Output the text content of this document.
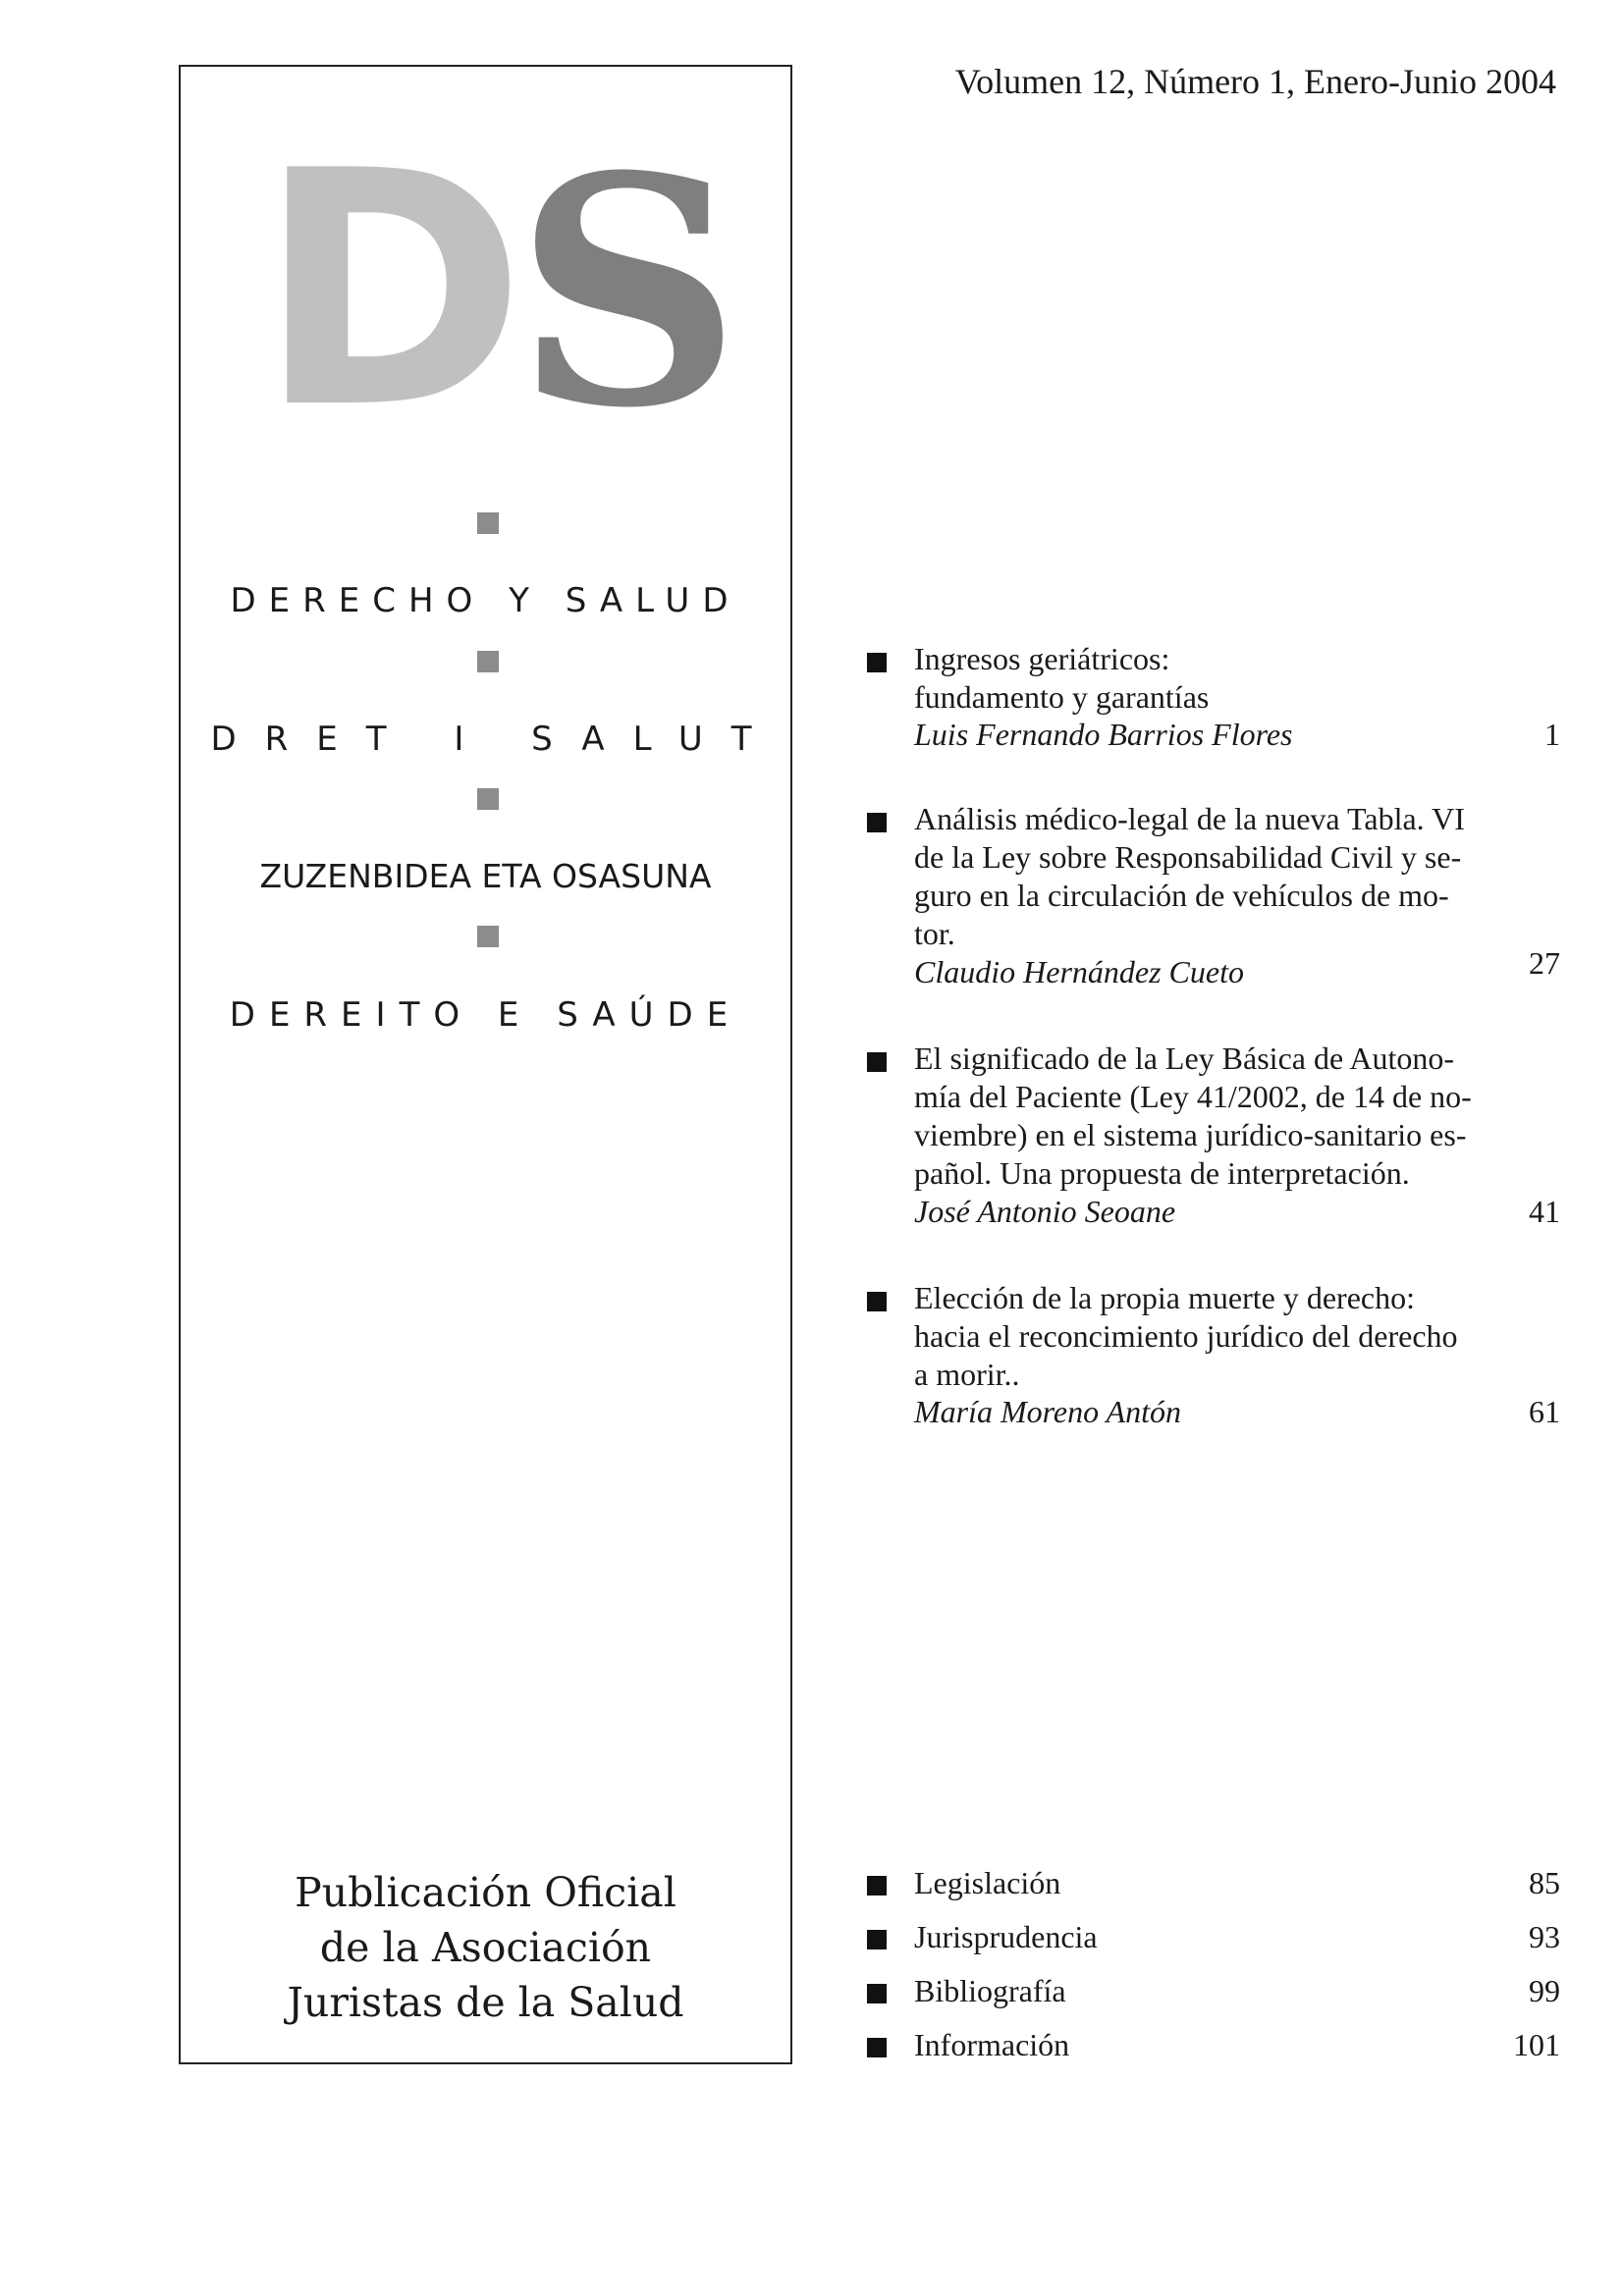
D
S
DERECHO Y SALUD
DRET I SALUT
ZUZENBIDEA ETA OSASUNA
DEREITO E SAÚDE
Publicación Oficial
de la Asociación
Juristas de la Salud
Volumen 12, Número 1, Enero-Junio 2004
Ingresos geriátricos:
fundamento y garantías
Luis Fernando Barrios Flores	1
Análisis médico-legal de la nueva Tabla. VI
de la Ley sobre Responsabilidad Civil y se-
guro en la circulación de vehículos de mo-
tor.
Claudio Hernández Cueto	27
El significado de la Ley Básica de Autono-
mía del Paciente (Ley 41/2002, de 14 de no-
viembre) en el sistema jurídico-sanitario es-
pañol. Una propuesta de interpretación.
José Antonio Seoane	41
Elección de la propia muerte y derecho:
hacia el reconcimiento jurídico del derecho
a morir..
María Moreno Antón	61
Legislación	85
Jurisprudencia	93
Bibliografía	99
Información	101
